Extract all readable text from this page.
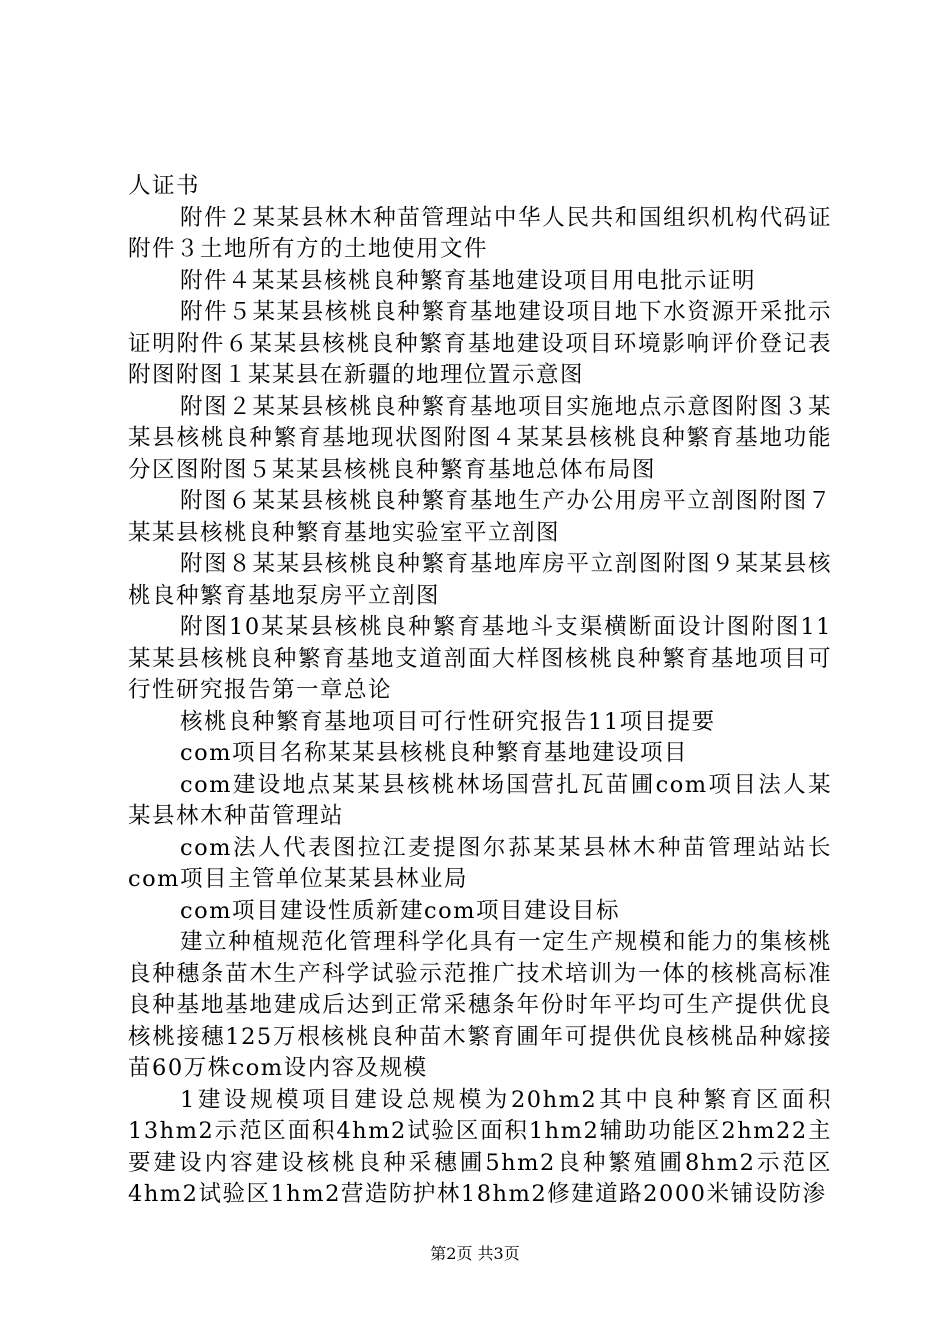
人证书

附件２某某县林木种苗管理站中华人民共和国组织机构代码证附件３土地所有方的土地使用文件

附件４某某县核桃良种繁育基地建设项目用电批示证明

附件５某某县核桃良种繁育基地建设项目地下水资源开采批示证明附件６某某县核桃良种繁育基地建设项目环境影响评价登记表附图附图１某某县在新疆的地理位置示意图

附图２某某县核桃良种繁育基地项目实施地点示意图附图３某某县核桃良种繁育基地现状图附图４某某县核桃良种繁育基地功能分区图附图５某某县核桃良种繁育基地总体布局图

附图６某某县核桃良种繁育基地生产办公用房平立剖图附图７某某县核桃良种繁育基地实验室平立剖图

附图８某某县核桃良种繁育基地库房平立剖图附图９某某县核桃良种繁育基地泵房平立剖图

附图10某某县核桃良种繁育基地斗支渠横断面设计图附图11某某县核桃良种繁育基地支道剖面大样图核桃良种繁育基地项目可行性研究报告第一章总论

核桃良种繁育基地项目可行性研究报告11项目提要

com项目名称某某县核桃良种繁育基地建设项目

com建设地点某某县核桃林场国营扎瓦苗圃com项目法人某某县林木种苗管理站

com法人代表图拉江麦提图尔荪某某县林木种苗管理站站长com项目主管单位某某县林业局

com项目建设性质新建com项目建设目标

建立种植规范化管理科学化具有一定生产规模和能力的集核桃良种穗条苗木生产科学试验示范推广技术培训为一体的核桃高标准良种基地基地建成后达到正常采穗条年份时年平均可生产提供优良核桃接穗125万根核桃良种苗木繁育圃年可提供优良核桃品种嫁接苗60万株com设内容及规模

1建设规模项目建设总规模为20hm2其中良种繁育区面积13hm2示范区面积4hm2试验区面积1hm2辅助功能区2hm22主要建设内容建设核桃良种采穗圃5hm2良种繁殖圃8hm2示范区4hm2试验区1hm2营造防护林18hm2修建道路2000米铺设防渗

第2页 共3页
